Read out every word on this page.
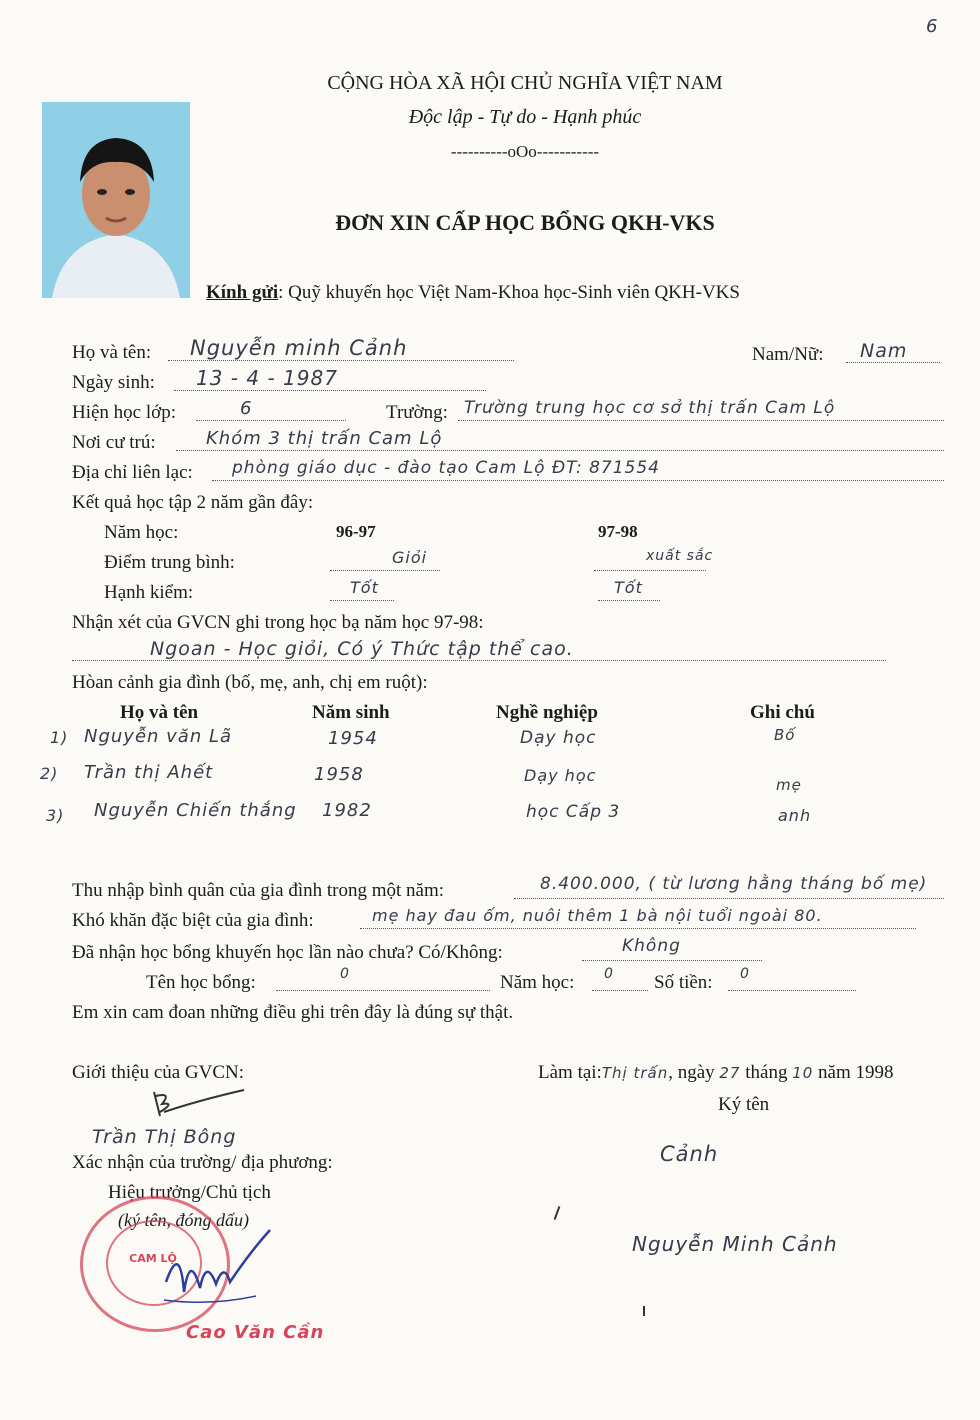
6
CỘNG HÒA XÃ HỘI CHỦ NGHĨA VIỆT NAM
Độc lập - Tự do - Hạnh phúc
----------oOo-----------
ĐƠN XIN CẤP HỌC BỔNG QKH-VKS
Kính gửi: Quỹ khuyến học Việt Nam-Khoa học-Sinh viên QKH-VKS
Họ và tên: Nguyễn minh Cảnh	Nam/Nữ: Nam
Ngày sinh: 13 - 4 - 1987
Hiện học lớp:	6	Trường: Trường trung học cơ sở thị trấn Cam Lộ
Nơi cư trú:	Khóm 3 thị trấn Cam Lộ
Địa chỉ liên lạc: phòng giáo dục - đào tạo Cam Lộ ĐT: 871554
Kết quả học tập 2 năm gần đây:
Năm học:	96-97	97-98
Điểm trung bình:	Giỏi	xuất sắc
Hạnh kiểm:	Tốt	Tốt
Nhận xét của GVCN ghi trong học bạ năm học 97-98:
Ngoan - Học giỏi, Có ý Thức tập thể cao.
Hòan cảnh gia đình (bố, mẹ, anh, chị em ruột):
Họ và tên	Năm sinh	Nghề nghiệp	Ghi chú
1) Nguyễn văn Lã	1954	Dạy học	Bố
2) Trần thị Ahết	1958	Dạy học	mẹ
3) Nguyễn Chiến thắng 1982	học Cấp 3	anh
Thu nhập bình quân của gia đình trong một năm:	8.400.000, ( từ lương hằng tháng bố mẹ)
Khó khăn đặc biệt của gia đình:	mẹ hay đau ốm, nuôi thêm 1 bà nội tuổi ngoài 80.
Đã nhận học bổng khuyến học lần nào chưa? Có/Không:	Không
Tên học bổng:	0	Năm học: 0 Số tiền: 0
Em xin cam đoan những điều ghi trên đây là đúng sự thật.
Giới thiệu của GVCN:
Trần Thị Bông
Xác nhận của trường/ địa phương:
Hiệu trưởng/Chủ tịch
(ký tên, đóng dấu)
CAM LỘ
Cao Văn Cần
Làm tại:Thị trấn, ngày 27 tháng 10 năm 1998
Ký tên
Cảnh
Nguyễn Minh Cảnh
